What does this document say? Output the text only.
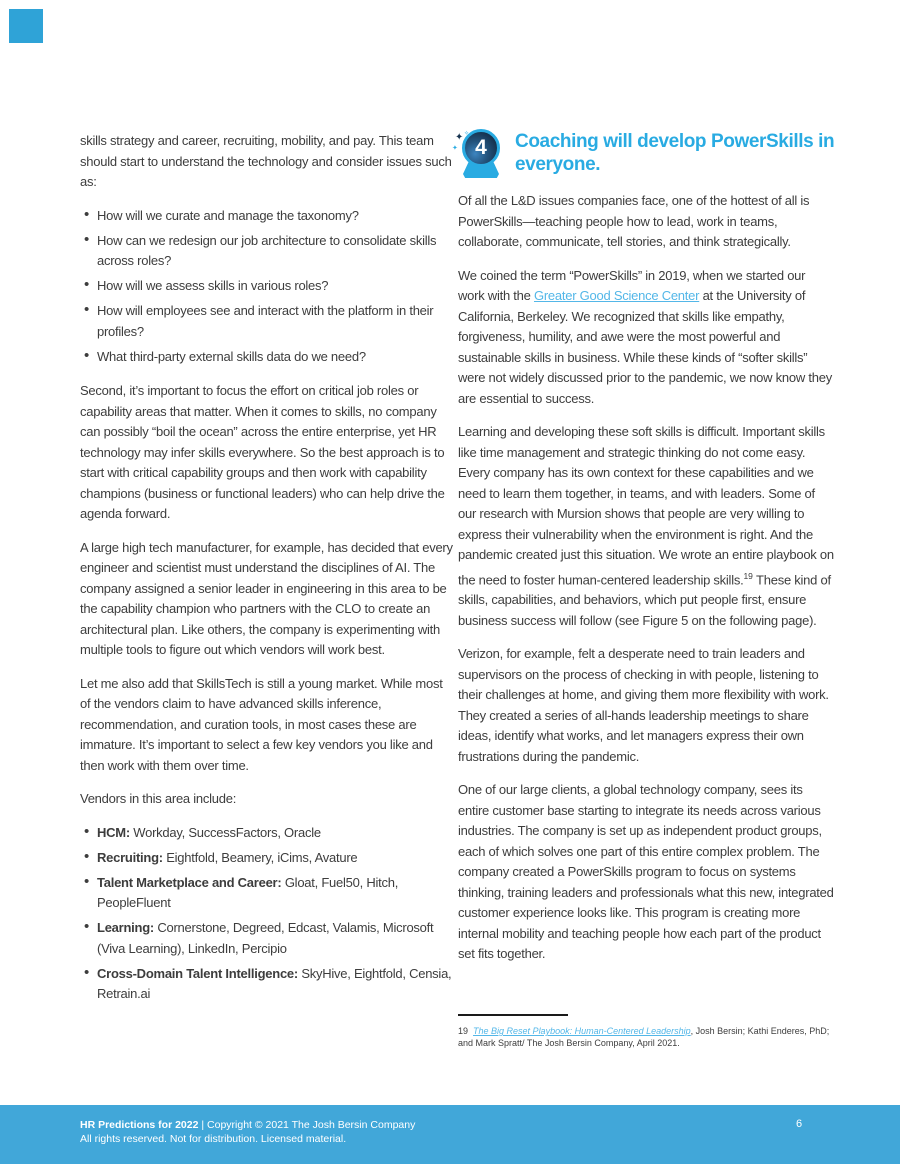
skills strategy and career, recruiting, mobility, and pay. This team should start to understand the technology and consider issues such as:

• How will we curate and manage the taxonomy?
• How can we redesign our job architecture to consolidate skills across roles?
• How will we assess skills in various roles?
• How will employees see and interact with the platform in their profiles?
• What third-party external skills data do we need?

Second, it’s important to focus the effort on critical job roles or capability areas that matter. When it comes to skills, no company can possibly “boil the ocean” across the entire enterprise, yet HR technology may infer skills everywhere. So the best approach is to start with critical capability groups and then work with capability champions (business or functional leaders) who can help drive the agenda forward.

A large high tech manufacturer, for example, has decided that every engineer and scientist must understand the disciplines of AI. The company assigned a senior leader in engineering in this area to be the capability champion who partners with the CLO to create an architectural plan. Like others, the company is experimenting with multiple tools to figure out which vendors will work best.

Let me also add that SkillsTech is still a young market. While most of the vendors claim to have advanced skills inference, recommendation, and curation tools, in most cases these are immature. It’s important to select a few key vendors you like and then work with them over time.

Vendors in this area include:

• HCM: Workday, SuccessFactors, Oracle
• Recruiting: Eightfold, Beamery, iCims, Avature
• Talent Marketplace and Career: Gloat, Fuel50, Hitch, PeopleFluent
• Learning: Cornerstone, Degreed, Edcast, Valamis, Microsoft (Viva Learning), LinkedIn, Percipio
• Cross-Domain Talent Intelligence: SkyHive, Eightfold, Censia, Retrain.ai
✦
✦
✧
4 Coaching will develop PowerSkills in
everyone.

Of all the L&D issues companies face, one of the hottest of all is PowerSkills—teaching people how to lead, work in teams, collaborate, communicate, tell stories, and think strategically.

We coined the term “PowerSkills” in 2019, when we started our work with the Greater Good Science Center at the University of California, Berkeley. We recognized that skills like empathy, forgiveness, humility, and awe were the most powerful and sustainable skills in business. While these kinds of “softer skills” were not widely discussed prior to the pandemic, we now know they are essential to success.

Learning and developing these soft skills is difficult. Important skills like time management and strategic thinking do not come easy. Every company has its own context for these capabilities and we need to learn them together, in teams, and with leaders. Some of our research with Mursion shows that people are very willing to express their vulnerability when the environment is right. And the pandemic created just this situation. We wrote an entire playbook on the need to foster human-centered leadership skills.$^{19}$ These kind of skills, capabilities, and behaviors, which put people first, ensure business success will follow (see Figure 5 on the following page).

Verizon, for example, felt a desperate need to train leaders and supervisors on the process of checking in with people, listening to their challenges at home, and giving them more flexibility with work. They created a series of all-hands leadership meetings to share ideas, identify what works, and let managers express their own frustrations during the pandemic.

One of our large clients, a global technology company, sees its entire customer base starting to integrate its needs across various industries. The company is set up as independent product groups, each of which solves one part of this entire complex problem. The company created a PowerSkills program to focus on systems thinking, training leaders and professionals what this new, integrated customer experience looks like. This program is creating more internal mobility and teaching people how each part of the product set fits together.

19 The Big Reset Playbook: Human-Centered Leadership, Josh Bersin; Kathi Enderes, PhD; and Mark Spratt/ The Josh Bersin Company, April 2021.
HR Predictions for 2022 | Copyright © 2021 The Josh Bersin Company
All rights reserved. Not for distribution. Licensed material.
6
